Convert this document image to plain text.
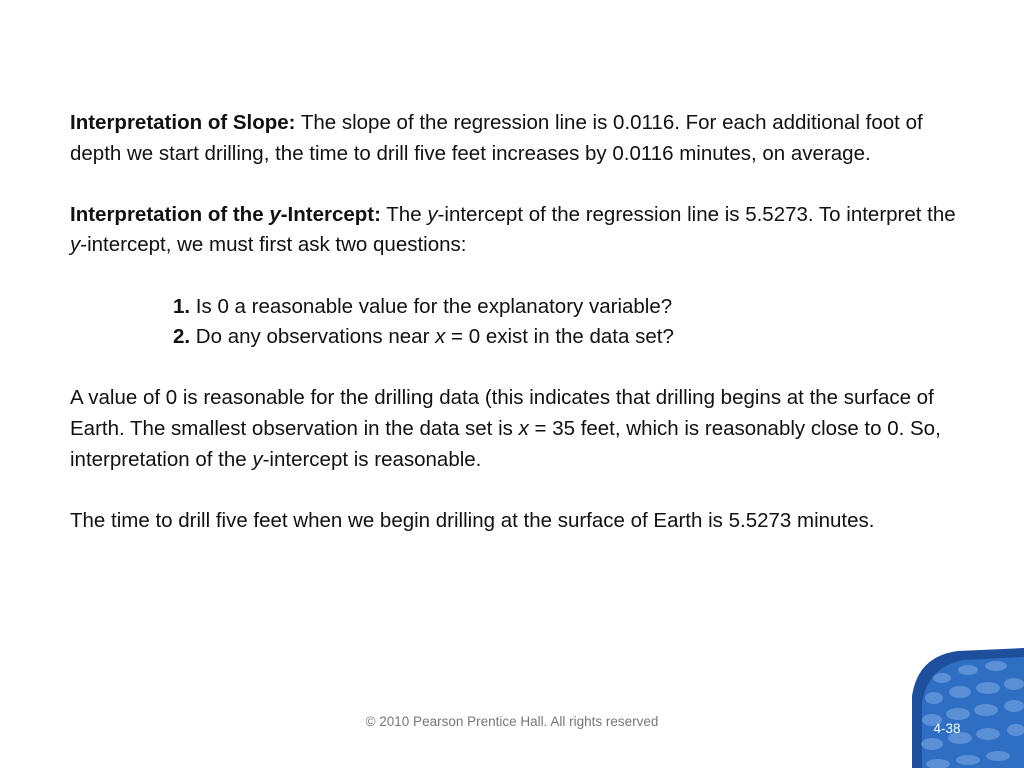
Interpretation of Slope: The slope of the regression line is 0.0116. For each additional foot of depth we start drilling, the time to drill five feet increases by 0.0116 minutes, on average.

Interpretation of the y-Intercept: The y-intercept of the regression line is 5.5273. To interpret the y-intercept, we must first ask two questions:

1. Is 0 a reasonable value for the explanatory variable?

2. Do any observations near x = 0 exist in the data set?

A value of 0 is reasonable for the drilling data (this indicates that drilling begins at the surface of Earth. The smallest observation in the data set is x = 35 feet, which is reasonably close to 0. So, interpretation of the y-intercept is reasonable.

The time to drill five feet when we begin drilling at the surface of Earth is 5.5273 minutes.

© 2010 Pearson Prentice Hall. All rights reserved	4-38
